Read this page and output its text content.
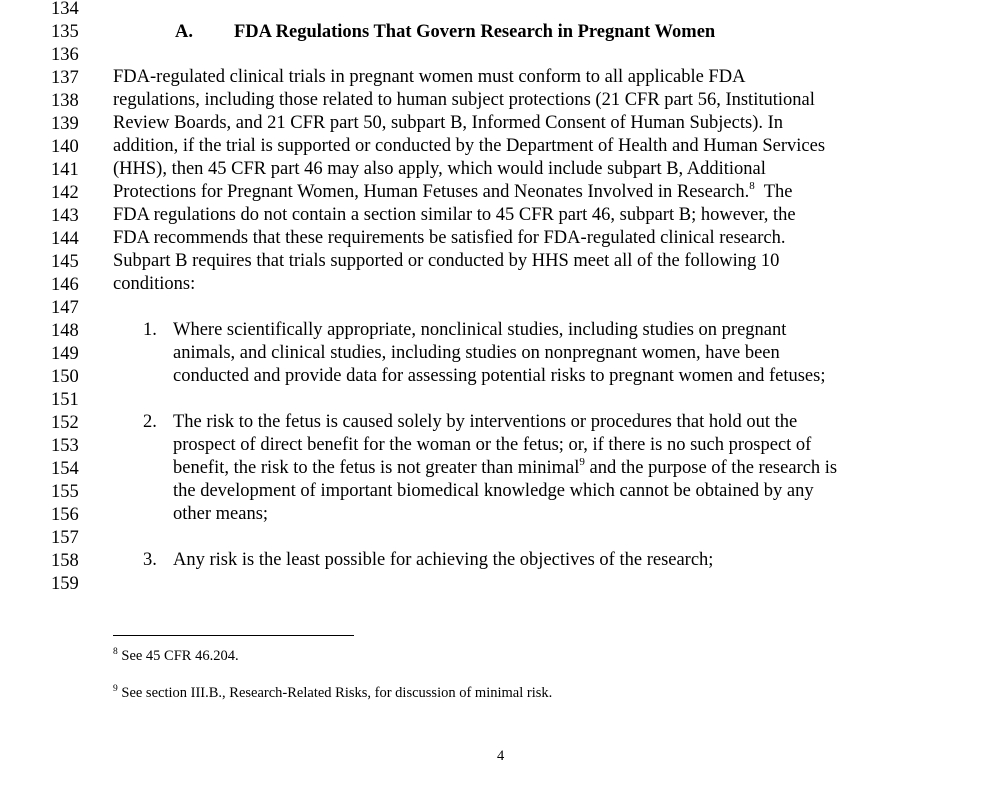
134
135
136
137
138
139
140
141
142
143
144
145
146
147
148
149
150
151
152
153
154
155
156
157
158
159
A. FDA Regulations That Govern Research in Pregnant Women
FDA-regulated clinical trials in pregnant women must conform to all applicable FDA
regulations, including those related to human subject protections (21 CFR part 56, Institutional
Review Boards, and 21 CFR part 50, subpart B, Informed Consent of Human Subjects). In
addition, if the trial is supported or conducted by the Department of Health and Human Services
(HHS), then 45 CFR part 46 may also apply, which would include subpart B, Additional
Protections for Pregnant Women, Human Fetuses and Neonates Involved in Research.$^8$  The
FDA regulations do not contain a section similar to 45 CFR part 46, subpart B; however, the
FDA recommends that these requirements be satisfied for FDA-regulated clinical research.
Subpart B requires that trials supported or conducted by HHS meet all of the following 10
conditions:
1. Where scientifically appropriate, nonclinical studies, including studies on pregnant
animals, and clinical studies, including studies on nonpregnant women, have been
conducted and provide data for assessing potential risks to pregnant women and fetuses;
2. The risk to the fetus is caused solely by interventions or procedures that hold out the
prospect of direct benefit for the woman or the fetus; or, if there is no such prospect of
benefit, the risk to the fetus is not greater than minimal$^9$ and the purpose of the research is
the development of important biomedical knowledge which cannot be obtained by any
other means;
3. Any risk is the least possible for achieving the objectives of the research;
$^8$ See 45 CFR 46.204.
$^9$ See section III.B., Research-Related Risks, for discussion of minimal risk.
4
